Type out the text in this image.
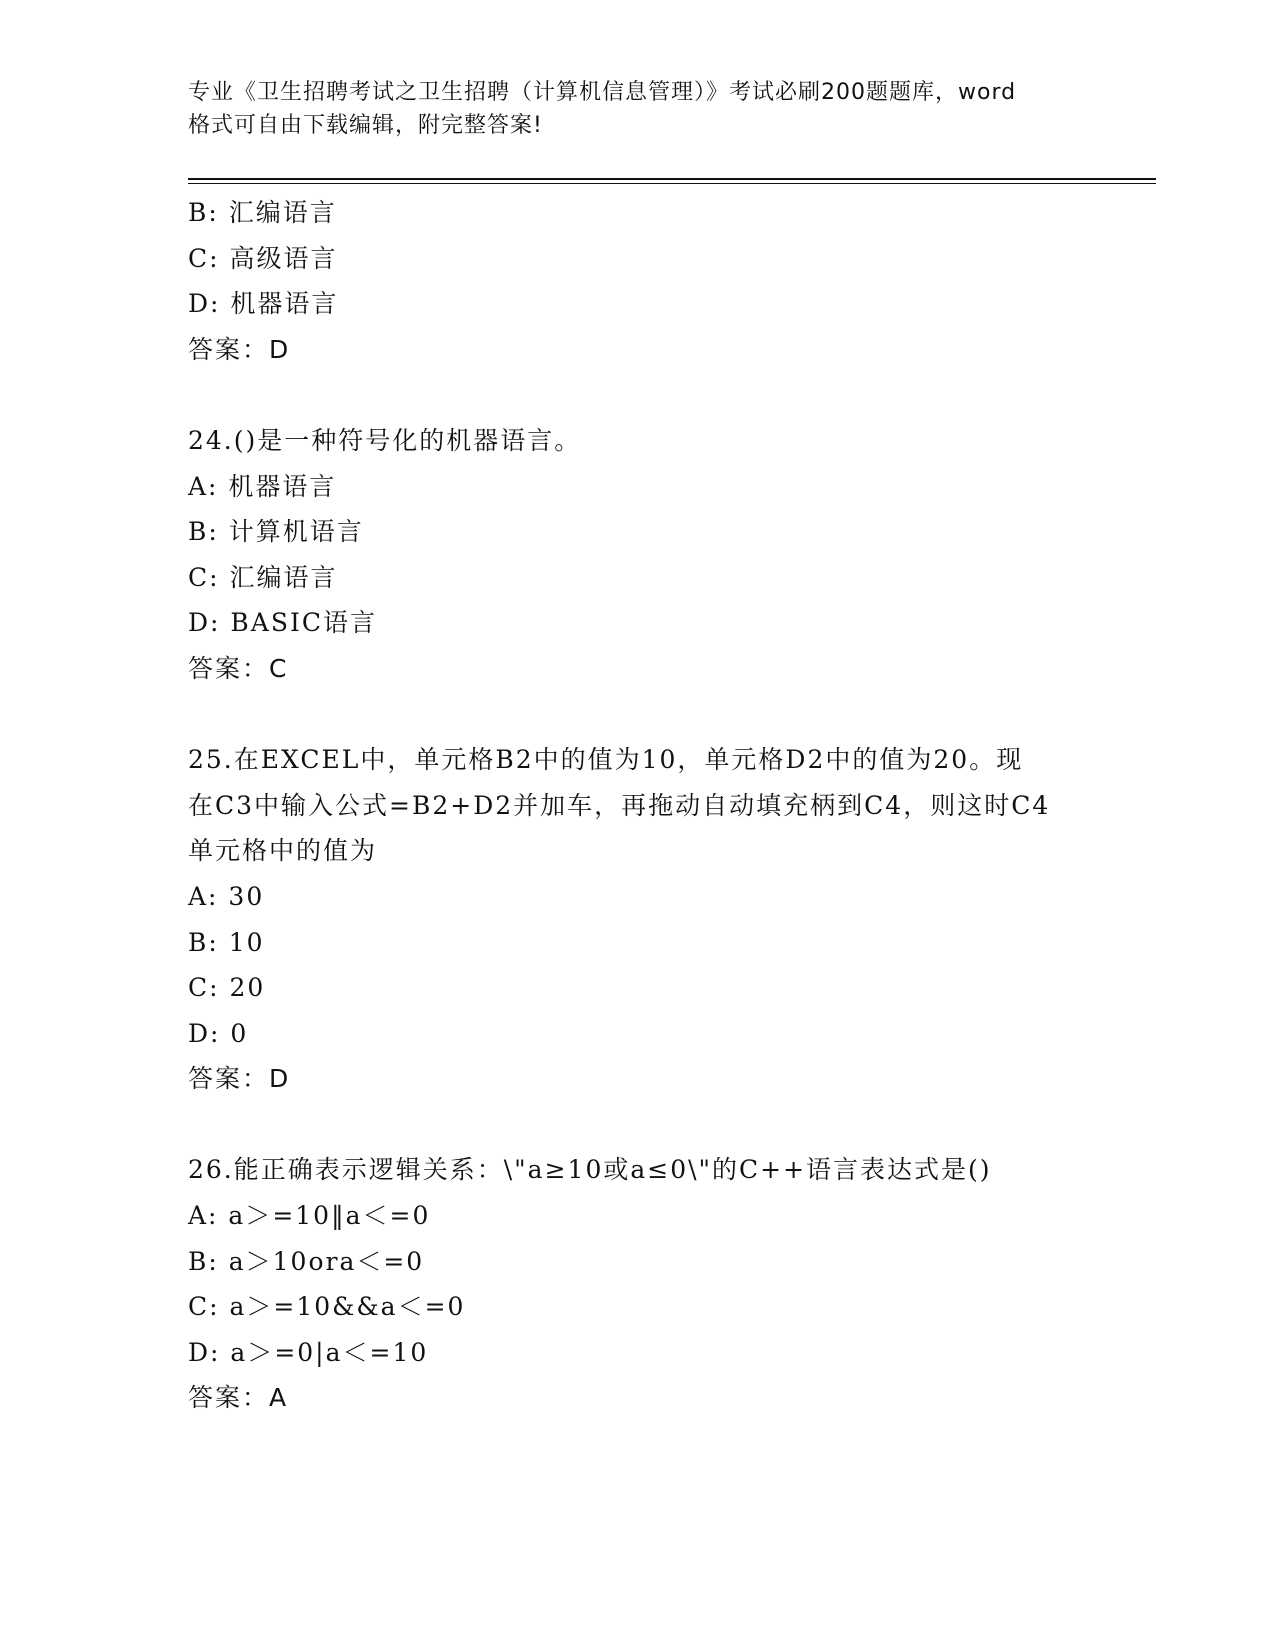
专业《卫生招聘考试之卫生招聘（计算机信息管理）》考试必刷200题题库，word
格式可自由下载编辑，附完整答案!
B: 汇编语言
C: 高级语言
D: 机器语言
答案：D
24.()是一种符号化的机器语言。
A: 机器语言
B: 计算机语言
C: 汇编语言
D: BASIC语言
答案：C
25.在EXCEL中，单元格B2中的值为10，单元格D2中的值为20。现
在C3中输入公式=B2+D2并加车，再拖动自动填充柄到C4，则这时C4
单元格中的值为
A: 30
B: 10
C: 20
D: 0
答案：D
26.能正确表示逻辑关系：\"a≥10或a≤0\"的C++语言表达式是()
A: a＞=10‖a＜=0
B: a＞10ora＜=0
C: a＞=10&&a＜=0
D: a＞=0|a＜=10
答案：A
